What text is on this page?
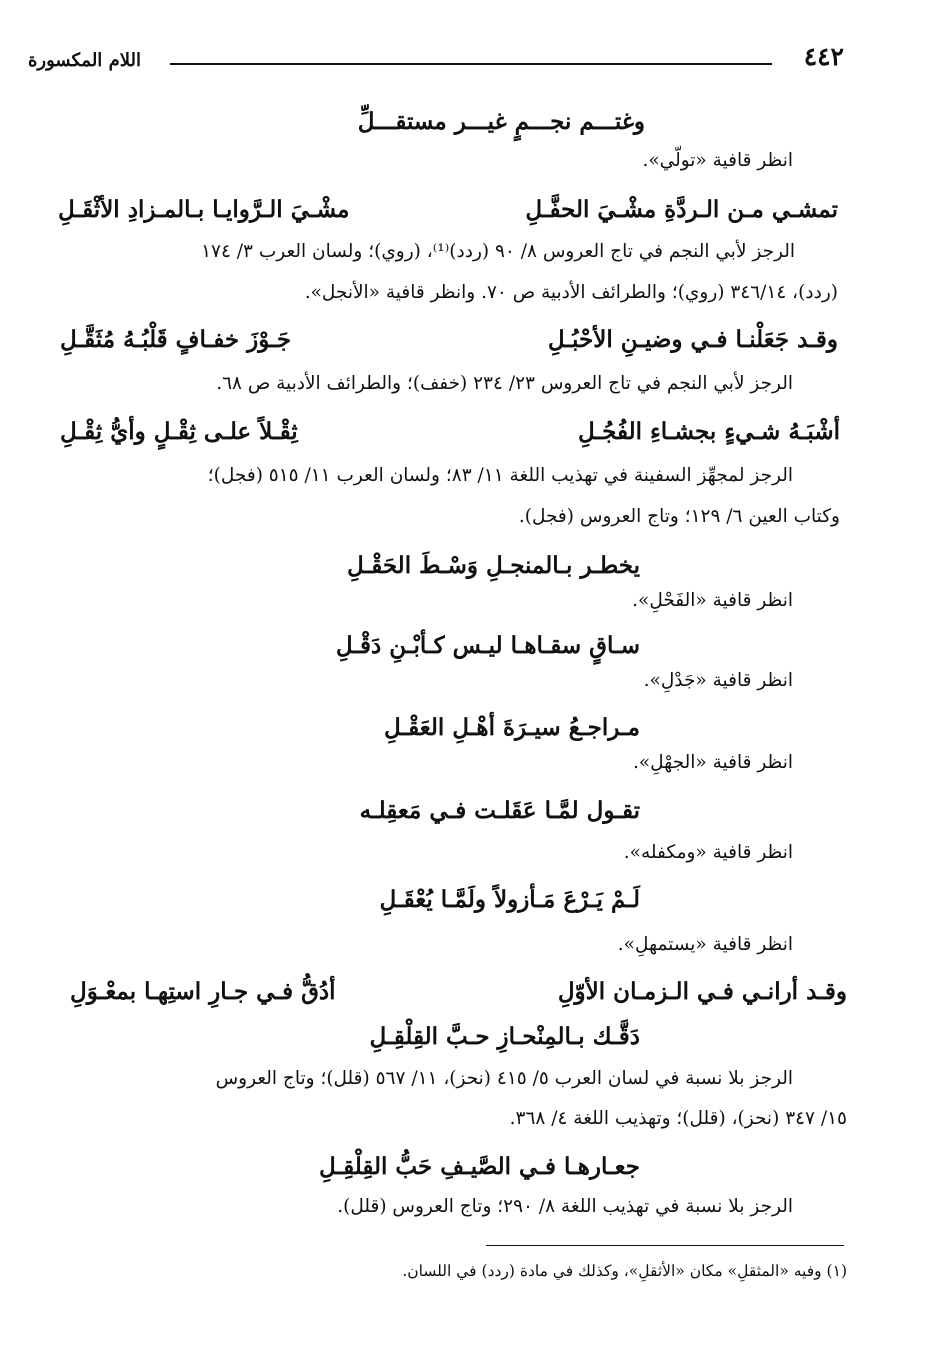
٤٤٢
اللام المكسورة
وغتـــم نجـــمٍ غيـــر مستقـــلِّ
انظر قافية «تولّي».
تمشـي مـن الـردَّةِ مشْـيَ الحفَّـلِ
مشْـيَ الـرَّوايـا بـالمـزادِ الأثْقَـلِ
الرجز لأبي النجم في تاج العروس ٨/ ٩٠ (ردد)⁽¹⁾، (روي)؛ ولسان العرب ٣/ ١٧٤
(ردد)، ٣٤٦/١٤ (روي)؛ والطرائف الأدبية ص ٧٠. وانظر قافية «الأنجل».
وقـد جَعَلْنـا فـي وضيـنِ الأحْبُـلِ
جَـوْزَ خفـافٍ قَلْبُـهُ مُثَقَّـلِ
الرجز لأبي النجم في تاج العروس ٢٣/ ٢٣٤ (خفف)؛ والطرائف الأدبية ص ٦٨.
أشْبَـهُ شـيءٍ بجشـاءِ الفُجُـلِ
ثِقْـلاً علـى ثِقْـلٍ وأيُّ ثِقْـلِ
الرجز لمجهِّز السفينة في تهذيب اللغة ١١/ ٨٣؛ ولسان العرب ١١/ ٥١٥ (فجل)؛
وكتاب العين ٦/ ١٢٩؛ وتاج العروس (فجل).
يخطـر بـالمنجـلِ وَسْـطَ الحَقْـلِ
انظر قافية «الفَحْلِ».
سـاقٍ سقـاهـا ليـس كـأبْـنِ دَقْـلِ
انظر قافية «جَدْلِ».
مـراجـعُ سيـرَةَ أهْـلِ العَقْـلِ
انظر قافية «الجهْلِ».
تقـول لمَّـا عَقَلـت فـي مَعقِلـه
انظر قافية «ومكفله».
لَـمْ يَـرْعَ مَـأزولاً ولَمَّـا يُعْقَـلِ
انظر قافية «يستمهلِ».
وقـد أرانـي فـي الـزمـان الأوّلِ
أدُقُّ فـي جـارِ استِهـا بمعْـوَلِ
دَقَّـك بـالمِنْحـازِ حـبَّ القِلْقِـلِ
الرجز بلا نسبة في لسان العرب ٥/ ٤١٥ (نحز)، ١١/ ٥٦٧ (قلل)؛ وتاج العروس
١٥/ ٣٤٧ (نحز)، (قلل)؛ وتهذيب اللغة ٤/ ٣٦٨.
جعـارهـا فـي الصَّيـفِ حَبُّ القِلْقِـلِ
الرجز بلا نسبة في تهذيب اللغة ٨/ ٢٩٠؛ وتاج العروس (قلل).
(١) وفيه «المثقلِ» مكان «الأثقلِ»، وكذلك في مادة (ردد) في اللسان.
